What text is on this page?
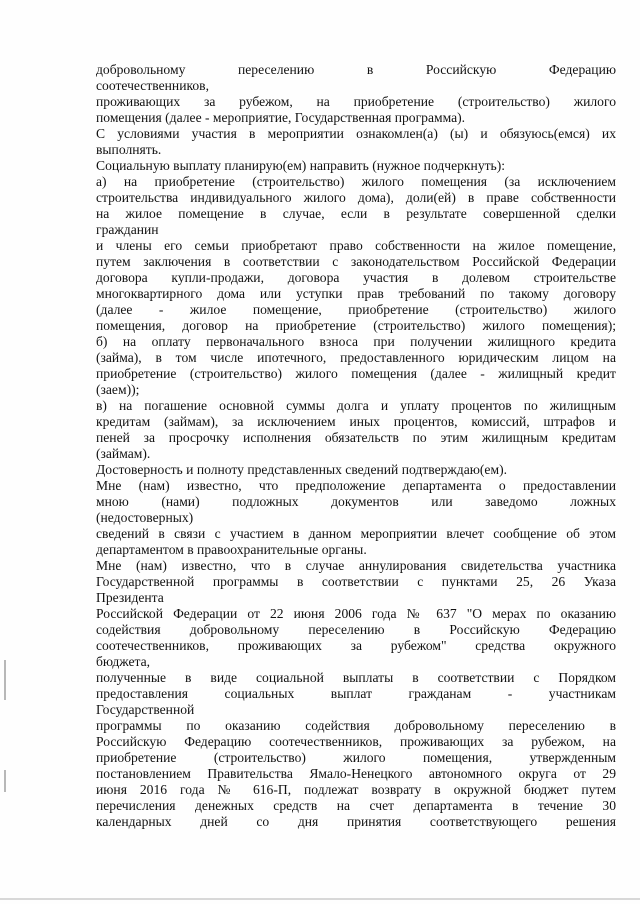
добровольному переселению в Российскую Федерацию
соотечественников,
проживающих за рубежом, на приобретение (строительство) жилого
помещения (далее - мероприятие, Государственная программа).
С условиями участия в мероприятии ознакомлен(а) (ы) и обязуюсь(емся) их
выполнять.
Социальную выплату планирую(ем) направить (нужное подчеркнуть):
а) на приобретение (строительство) жилого помещения (за исключением
строительства индивидуального жилого дома), доли(ей) в праве собственности
на жилое помещение в случае, если в результате совершенной сделки
гражданин
и члены его семьи приобретают право собственности на жилое помещение,
путем заключения в соответствии с законодательством Российской Федерации
договора купли-продажи, договора участия в долевом строительстве
многоквартирного дома или уступки прав требований по такому договору
(далее - жилое помещение, приобретение (строительство) жилого
помещения, договор на приобретение (строительство) жилого помещения);
б) на оплату первоначального взноса при получении жилищного кредита
(займа), в том числе ипотечного, предоставленного юридическим лицом на
приобретение (строительство) жилого помещения (далее - жилищный кредит
(заем));
в) на погашение основной суммы долга и уплату процентов по жилищным
кредитам (займам), за исключением иных процентов, комиссий, штрафов и
пеней за просрочку исполнения обязательств по этим жилищным кредитам
(займам).
Достоверность и полноту представленных сведений подтверждаю(ем).
Мне (нам) известно, что предположение департамента о предоставлении
мною (нами) подложных документов или заведомо ложных
(недостоверных)
сведений в связи с участием в данном мероприятии влечет сообщение об этом
департаментом в правоохранительные органы.
Мне (нам) известно, что в случае аннулирования свидетельства участника
Государственной программы в соответствии с пунктами 25, 26 Указа
Президента
Российской Федерации от 22 июня 2006 года № 637 "О мерах по оказанию
содействия добровольному переселению в Российскую Федерацию
соотечественников, проживающих за рубежом" средства окружного
бюджета,
полученные в виде социальной выплаты в соответствии с Порядком
предоставления социальных выплат гражданам - участникам
Государственной
программы по оказанию содействия добровольному переселению в
Российскую Федерацию соотечественников, проживающих за рубежом, на
приобретение (строительство) жилого помещения, утвержденным
постановлением Правительства Ямало-Ненецкого автономного округа от 29
июня 2016 года № 616-П, подлежат возврату в окружной бюджет путем
перечисления денежных средств на счет департамента в течение 30
календарных дней со дня принятия соответствующего решения
